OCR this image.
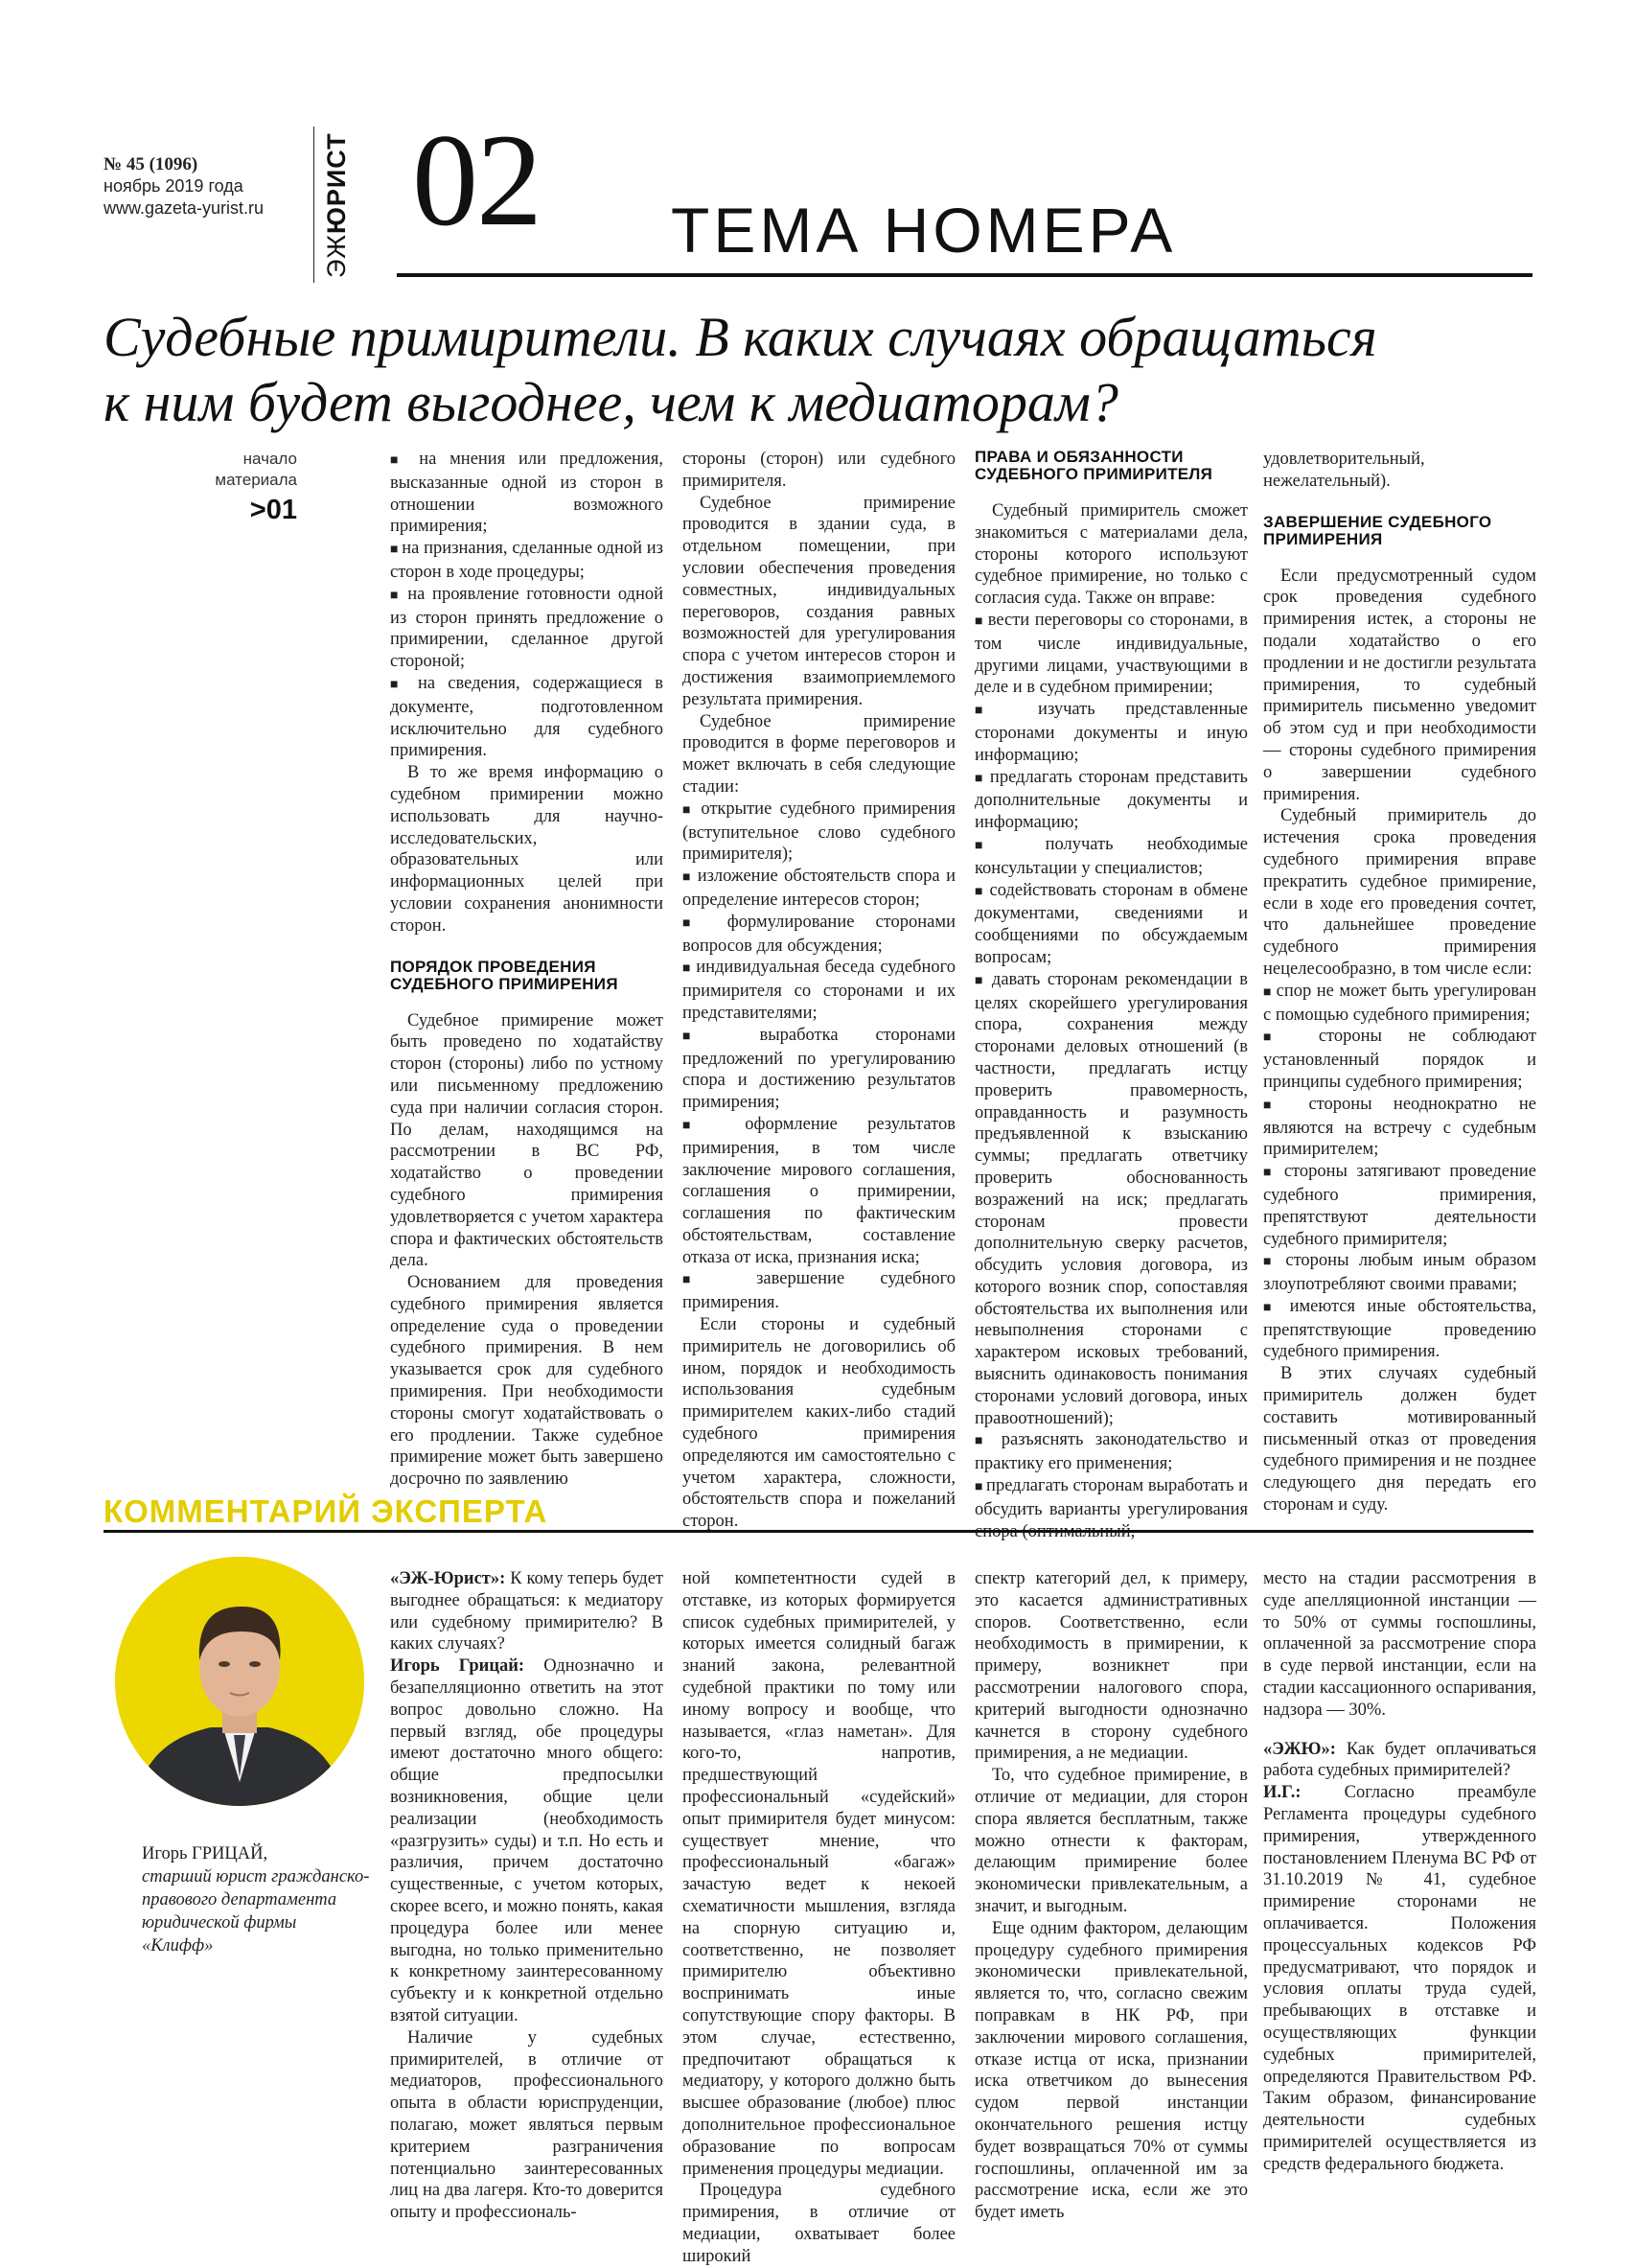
№ 45 (1096)
ноябрь 2019 года
www.gazeta-yurist.ru
ЭЖЮРИСТ 02 ТЕМА НОМЕРА
Судебные примирители. В каких случаях обращаться
к ним будет выгоднее, чем к медиаторам?
начало
материала
>01

■ на мнения или предложения, высказанные одной из сторон в отношении возможного примирения;

■ на признания, сделанные одной из сторон в ходе процедуры;

■ на проявление готовности одной из сторон принять предложение о примирении, сделанное другой стороной;

■ на сведения, содержащиеся в документе, подготовленном исключительно для судебного примирения.

В то же время информацию о судебном примирении можно использовать для научно-исследовательских, образовательных или информационных целей при условии сохранения анонимности сторон.

ПОРЯДОК ПРОВЕДЕНИЯ СУДЕБНОГО ПРИМИРЕНИЯ

Судебное примирение может быть проведено по ходатайству сторон (стороны) либо по устному или письменному предложению суда при наличии согласия сторон. По делам, находящимся на рассмотрении в ВС РФ, ходатайство о проведении судебного примирения удовлетворяется с учетом характера спора и фактических обстоятельств дела.

Основанием для проведения судебного примирения является определение суда о проведении судебного примирения. В нем указывается срок для судебного примирения. При необходимости стороны смогут ходатайствовать о его продлении. Также судебное примирение может быть завершено досрочно по заявлению

стороны (сторон) или судебного примирителя.

Судебное примирение проводится в здании суда, в отдельном помещении, при условии обеспечения проведения совместных, индивидуальных переговоров, создания равных возможностей для урегулирования спора с учетом интересов сторон и достижения взаимоприемлемого результата примирения.

Судебное примирение проводится в форме переговоров и может включать в себя следующие стадии:

■ открытие судебного примирения (вступительное слово судебного примирителя);

■ изложение обстоятельств спора и определение интересов сторон;

■ формулирование сторонами вопросов для обсуждения;

■ индивидуальная беседа судебного примирителя со сторонами и их представителями;

■ выработка сторонами предложений по урегулированию спора и достижению результатов примирения;

■ оформление результатов примирения, в том числе заключение мирового соглашения, соглашения о примирении, соглашения по фактическим обстоятельствам, составление отказа от иска, признания иска;

■ завершение судебного примирения.

Если стороны и судебный примиритель не договорились об ином, порядок и необходимость использования судебным примирителем каких-либо стадий судебного примирения определяются им самостоятельно с учетом характера, сложности, обстоятельств спора и пожеланий сторон.

ПРАВА И ОБЯЗАННОСТИ СУДЕБНОГО ПРИМИРИТЕЛЯ

Судебный примиритель сможет знакомиться с материалами дела, стороны которого используют судебное примирение, но только с согласия суда. Также он вправе:

■ вести переговоры со сторонами, в том числе индивидуальные, другими лицами, участвующими в деле и в судебном примирении;

■ изучать представленные сторонами документы и иную информацию;

■ предлагать сторонам представить дополнительные документы и информацию;

■ получать необходимые консультации у специалистов;

■ содействовать сторонам в обмене документами, сведениями и сообщениями по обсуждаемым вопросам;

■ давать сторонам рекомендации в целях скорейшего урегулирования спора, сохранения между сторонами деловых отношений (в частности, предлагать истцу проверить правомерность, оправданность и разумность предъявленной к взысканию суммы; предлагать ответчику проверить обоснованность возражений на иск; предлагать сторонам провести дополнительную сверку расчетов, обсудить условия договора, из которого возник спор, сопоставляя обстоятельства их выполнения или невыполнения сторонами с характером исковых требований, выяснить одинаковость понимания сторонами условий договора, иных правоотношений);

■ разъяснять законодательство и практику его применения;

■ предлагать сторонам выработать и обсудить варианты урегулирования спора (оптимальный,

удовлетворительный, нежелательный).

ЗАВЕРШЕНИЕ СУДЕБНОГО ПРИМИРЕНИЯ

Если предусмотренный судом срок проведения судебного примирения истек, а стороны не подали ходатайство о его продлении и не достигли результата примирения, то судебный примиритель письменно уведомит об этом суд и при необходимости — стороны судебного примирения о завершении судебного примирения.

Судебный примиритель до истечения срока проведения судебного примирения вправе прекратить судебное примирение, если в ходе его проведения сочтет, что дальнейшее проведение судебного примирения нецелесообразно, в том числе если:

■ спор не может быть урегулирован с помощью судебного примирения;

■ стороны не соблюдают установленный порядок и принципы судебного примирения;

■ стороны неоднократно не являются на встречу с судебным примирителем;

■ стороны затягивают проведение судебного примирения, препятствуют деятельности судебного примирителя;

■ стороны любым иным образом злоупотребляют своими правами;

■ имеются иные обстоятельства, препятствующие проведению судебного примирения.

В этих случаях судебный примиритель должен будет составить мотивированный письменный отказ от проведения судебного примирения и не позднее следующего дня передать его сторонам и суду.

КОММЕНТАРИЙ ЭКСПЕРТА
Игорь ГРИЦАЙ,
старший юрист гражданско-правового департамента юридической фирмы «Клифф»

«ЭЖ-Юрист»: К кому теперь будет выгоднее обращаться: к медиатору или судебному примирителю? В каких случаях?

Игорь Грицай: Однозначно и безапелляционно ответить на этот вопрос довольно сложно. На первый взгляд, обе процедуры имеют достаточно много общего: общие предпосылки возникновения, общие цели реализации (необходимость «разгрузить» суды) и т.п. Но есть и различия, причем достаточно существенные, с учетом которых, скорее всего, и можно понять, какая процедура более или менее выгодна, но только применительно к конкретному заинтересованному субъекту и к конкретной отдельно взятой ситуации.

Наличие у судебных примирителей, в отличие от медиаторов, профессионального опыта в области юриспруденции, полагаю, может являться первым критерием разграничения потенциально заинтересованных лиц на два лагеря. Кто-то доверится опыту и профессиональ-

ной компетентности судей в отставке, из которых формируется список судебных примирителей, у которых имеется солидный багаж знаний закона, релевантной судебной практики по тому или иному вопросу и вообще, что называется, «глаз наметан». Для кого-то, напротив, предшествующий профессиональный «судейский» опыт примирителя будет минусом: существует мнение, что профессиональный «багаж» зачастую ведет к некоей схематичности мышления, взгляда на спорную ситуацию и, соответственно, не позволяет примирителю объективно воспринимать иные сопутствующие спору факторы. В этом случае, естественно, предпочитают обращаться к медиатору, у которого должно быть высшее образование (любое) плюс дополнительное профессиональное образование по вопросам применения процедуры медиации.

Процедура судебного примирения, в отличие от медиации, охватывает более широкий

спектр категорий дел, к примеру, это касается административных споров. Соответственно, если необходимость в примирении, к примеру, возникнет при рассмотрении налогового спора, критерий выгодности однозначно качнется в сторону судебного примирения, а не медиации.

То, что судебное примирение, в отличие от медиации, для сторон спора является бесплатным, также можно отнести к факторам, делающим примирение более экономически привлекательным, а значит, и выгодным.

Еще одним фактором, делающим процедуру судебного примирения экономически привлекательной, является то, что, согласно свежим поправкам в НК РФ, при заключении мирового соглашения, отказе истца от иска, признании иска ответчиком до вынесения судом первой инстанции окончательного решения истцу будет возвращаться 70% от суммы госпошлины, оплаченной им за рассмотрение иска, если же это будет иметь

место на стадии рассмотрения в суде апелляционной инстанции — то 50% от суммы госпошлины, оплаченной за рассмотрение спора в суде первой инстанции, если на стадии кассационного оспаривания, надзора — 30%.

«ЭЖЮ»: Как будет оплачиваться работа судебных примирителей?

И.Г.: Согласно преамбуле Регламента процедуры судебного примирения, утвержденного постановлением Пленума ВС РФ от 31.10.2019 № 41, судебное примирение сторонами не оплачивается. Положения процессуальных кодексов РФ предусматривают, что порядок и условия оплаты труда судей, пребывающих в отставке и осуществляющих функции судебных примирителей, определяются Правительством РФ. Таким образом, финансирование деятельности судебных примирителей осуществляется из средств федерального бюджета.
